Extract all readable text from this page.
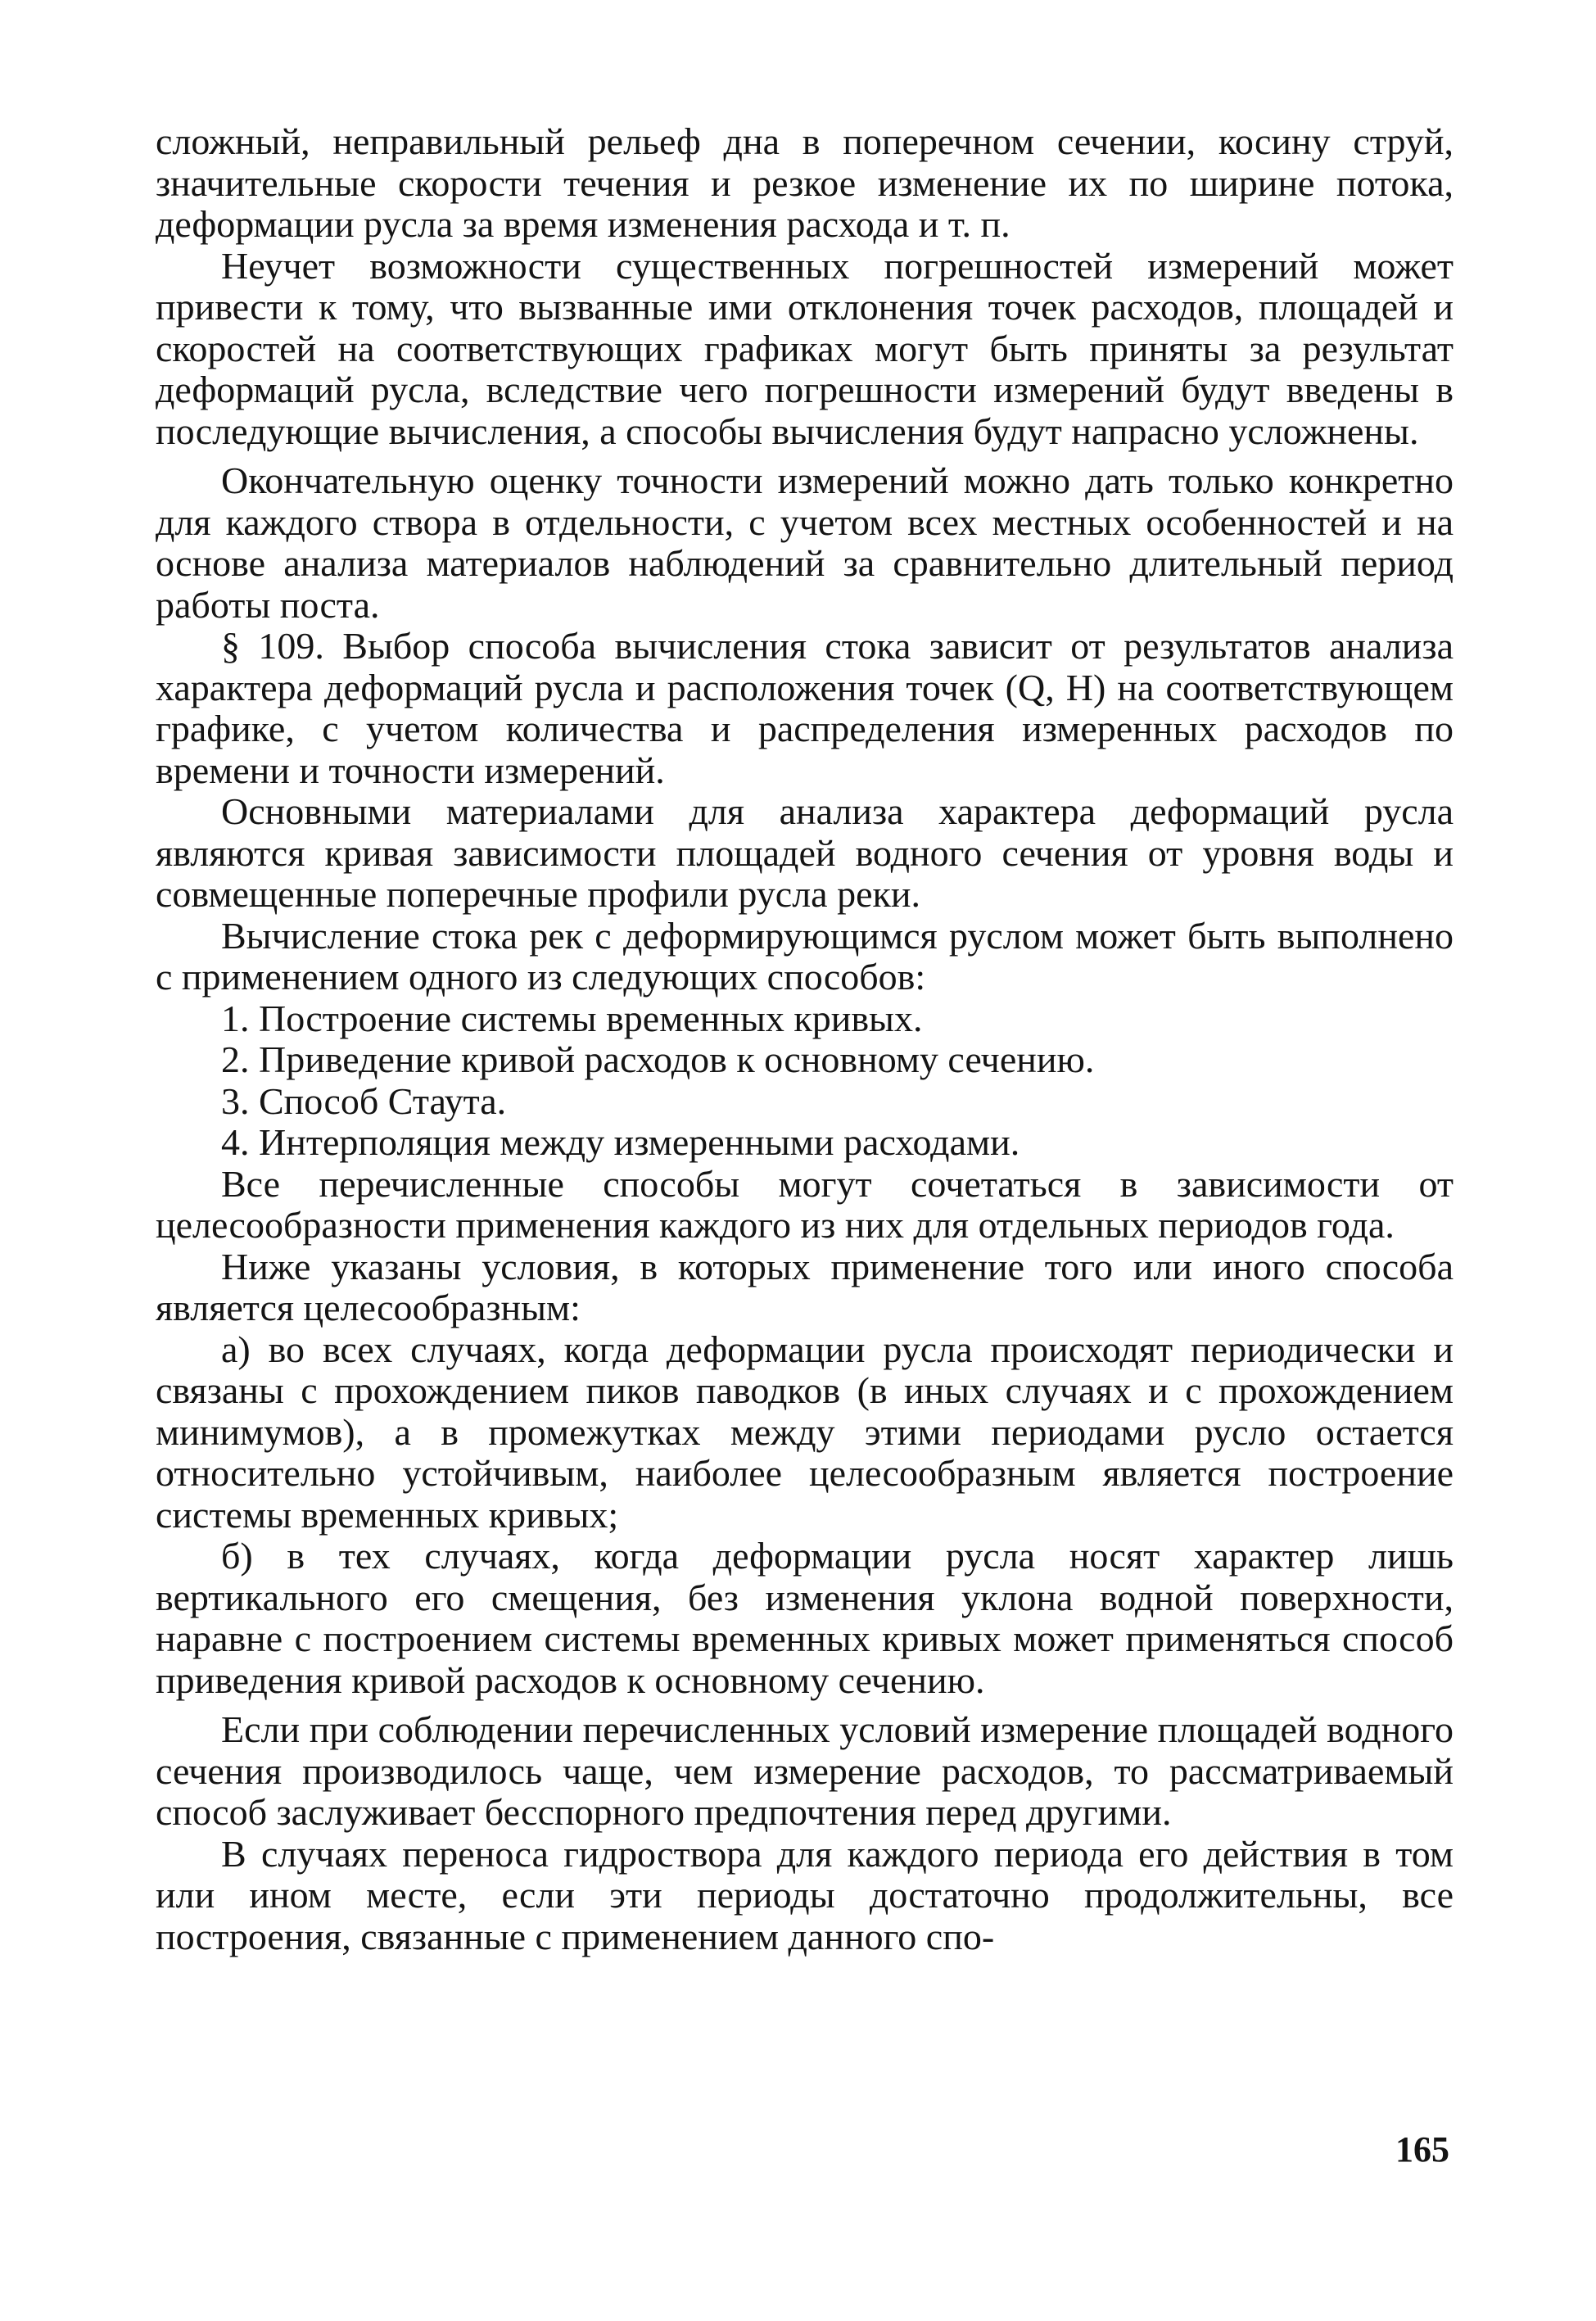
сложный, неправильный рельеф дна в поперечном сечении, косину струй, значительные скорости течения и резкое изменение их по ширине потока, деформации русла за время изменения расхода и т. п.

Неучет возможности существенных погрешностей измерений может привести к тому, что вызванные ими отклонения точек расходов, площадей и скоростей на соответствующих графиках могут быть приняты за результат деформаций русла, вследствие чего погрешности измерений будут введены в последующие вычисления, а способы вычисления будут напрасно усложнены.

Окончательную оценку точности измерений можно дать только конкретно для каждого створа в отдельности, с учетом всех местных особенностей и на основе анализа материалов наблюдений за сравнительно длительный период работы поста.

§ 109. Выбор способа вычисления стока зависит от результатов анализа характера деформаций русла и расположения точек (Q, H) на соответствующем графике, с учетом количества и распределения измеренных расходов по времени и точности измерений.

Основными материалами для анализа характера деформаций русла являются кривая зависимости площадей водного сечения от уровня воды и совмещенные поперечные профили русла реки.

Вычисление стока рек с деформирующимся руслом может быть выполнено с применением одного из следующих способов:

1. Построение системы временных кривых.

2. Приведение кривой расходов к основному сечению.

3. Способ Стаута.

4. Интерполяция между измеренными расходами.

Все перечисленные способы могут сочетаться в зависимости от целесообразности применения каждого из них для отдельных периодов года.

Ниже указаны условия, в которых применение того или иного способа является целесообразным:

а) во всех случаях, когда деформации русла происходят периодически и связаны с прохождением пиков паводков (в иных случаях и с прохождением минимумов), а в промежутках между этими периодами русло остается относительно устойчивым, наиболее целесообразным является построение системы временных кривых;

б) в тех случаях, когда деформации русла носят характер лишь вертикального его смещения, без изменения уклона водной поверхности, наравне с построением системы временных кривых может применяться способ приведения кривой расходов к основному сечению.

Если при соблюдении перечисленных условий измерение площадей водного сечения производилось чаще, чем измерение расходов, то рассматриваемый способ заслуживает бесспорного предпочтения перед другими.

В случаях переноса гидроствора для каждого периода его действия в том или ином месте, если эти периоды достаточно продолжительны, все построения, связанные с применением данного спо-

165
